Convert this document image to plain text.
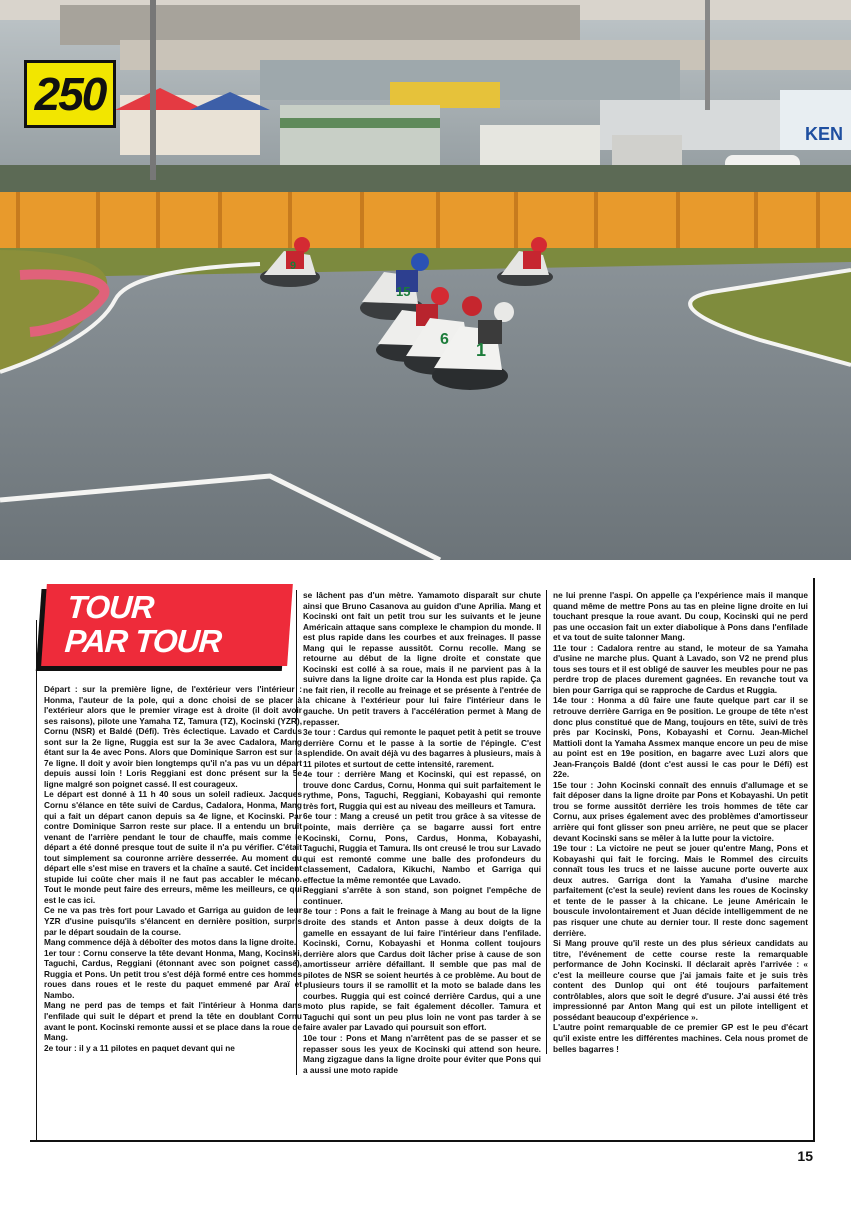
9
15
6
1
KEN
250
TOUR
PAR TOUR

Départ : sur la première ligne, de l'extérieur vers l'intérieur : Honma, l'auteur de la pole, qui a donc choisi de se placer à l'extérieur alors que le premier virage est à droite (il doit avoir ses raisons), pilote une Yamaha TZ, Tamura (TZ), Kocinski (YZR), Cornu (NSR) et Baldé (Défi). Très éclectique. Lavado et Cardus sont sur la 2e ligne, Ruggia est sur la 3e avec Cadalora, Mang étant sur la 4e avec Pons. Alors que Dominique Sarron est sur la 7e ligne. Il doit y avoir bien longtemps qu'il n'a pas vu un départ depuis aussi loin ! Loris Reggiani est donc présent sur la 5e ligne malgré son poignet cassé. Il est courageux.

Le départ est donné à 11 h 40 sous un soleil radieux. Jacques Cornu s'élance en tête suivi de Cardus, Cadalora, Honma, Mang qui a fait un départ canon depuis sa 4e ligne, et Kocinski. Par contre Dominique Sarron reste sur place. Il a entendu un bruit venant de l'arrière pendant le tour de chauffe, mais comme le départ a été donné presque tout de suite il n'a pu vérifier. C'était tout simplement sa couronne arrière desserrée. Au moment du départ elle s'est mise en travers et la chaîne a sauté. Cet incident stupide lui coûte cher mais il ne faut pas accabler le mécano. Tout le monde peut faire des erreurs, même les meilleurs, ce qui est le cas ici.

Ce ne va pas très fort pour Lavado et Garriga au guidon de leur YZR d'usine puisqu'ils s'élancent en dernière position, surpris par le départ soudain de la course.

Mang commence déjà à déboîter des motos dans la ligne droite.

1er tour : Cornu conserve la tête devant Honma, Mang, Kocinski, Taguchi, Cardus, Reggiani (étonnant avec son poignet cassé), Ruggia et Pons. Un petit trou s'est déjà formé entre ces hommes roues dans roues et le reste du paquet emmené par Araï et Nambo.

Mang ne perd pas de temps et fait l'intérieur à Honma dans l'enfilade qui suit le départ et prend la tête en doublant Cornu avant le pont. Kocinski remonte aussi et se place dans la roue de Mang.

2e tour : il y a 11 pilotes en paquet devant qui ne

se lâchent pas d'un mètre. Yamamoto disparaît sur chute ainsi que Bruno Casanova au guidon d'une Aprilia. Mang et Kocinski ont fait un petit trou sur les suivants et le jeune Américain attaque sans complexe le champion du monde. Il est plus rapide dans les courbes et aux freinages. Il passe Mang qui le repasse aussitôt. Cornu recolle. Mang se retourne au début de la ligne droite et constate que Kocinski est collé à sa roue, mais il ne parvient pas à la suivre dans la ligne droite car la Honda est plus rapide. Ça ne fait rien, il recolle au freinage et se présente à l'entrée de la chicane à l'extérieur pour lui faire l'intérieur dans le gauche. Un petit travers à l'accélération permet à Mang de repasser.

3e tour : Cardus qui remonte le paquet petit à petit se trouve derrière Cornu et le passe à la sortie de l'épingle. C'est splendide. On avait déjà vu des bagarres à plusieurs, mais à 11 pilotes et surtout de cette intensité, rarement.

4e tour : derrière Mang et Kocinski, qui est repassé, on trouve donc Cardus, Cornu, Honma qui suit parfaitement le rythme, Pons, Taguchi, Reggiani, Kobayashi qui remonte très fort, Ruggia qui est au niveau des meilleurs et Tamura.

6e tour : Mang a creusé un petit trou grâce à sa vitesse de pointe, mais derrière ça se bagarre aussi fort entre Kocinski, Cornu, Pons, Cardus, Honma, Kobayashi, Taguchi, Ruggia et Tamura. Ils ont creusé le trou sur Lavado qui est remonté comme une balle des profondeurs du classement, Cadalora, Kikuchi, Nambo et Garriga qui effectue la même remontée que Lavado.

Reggiani s'arrête à son stand, son poignet l'empêche de continuer.

8e tour : Pons a fait le freinage à Mang au bout de la ligne droite des stands et Anton passe à deux doigts de la gamelle en essayant de lui faire l'intérieur dans l'enfilade. Kocinski, Cornu, Kobayashi et Honma collent toujours derrière alors que Cardus doit lâcher prise à cause de son amortisseur arrière défaillant. Il semble que pas mal de pilotes de NSR se soient heurtés à ce problème. Au bout de plusieurs tours il se ramollit et la moto se balade dans les courbes. Ruggia qui est coincé derrière Cardus, qui a une moto plus rapide, se fait également décoller. Tamura et Taguchi qui sont un peu plus loin ne vont pas tarder à se faire avaler par Lavado qui poursuit son effort.

10e tour : Pons et Mang n'arrêtent pas de se passer et se repasser sous les yeux de Kocinski qui attend son heure. Mang zigzague dans la ligne droite pour éviter que Pons qui a aussi une moto rapide

ne lui prenne l'aspi. On appelle ça l'expérience mais il manque quand même de mettre Pons au tas en pleine ligne droite en lui touchant presque la roue avant. Du coup, Kocinski qui ne perd pas une occasion fait un exter diabolique à Pons dans l'enfilade et va tout de suite talonner Mang.

11e tour : Cadalora rentre au stand, le moteur de sa Yamaha d'usine ne marche plus. Quant à Lavado, son V2 ne prend plus tous ses tours et il est obligé de sauver les meubles pour ne pas perdre trop de places durement gagnées. En revanche tout va bien pour Garriga qui se rapproche de Cardus et Ruggia.

14e tour : Honma a dû faire une faute quelque part car il se retrouve derrière Garriga en 9e position. Le groupe de tête n'est donc plus constitué que de Mang, toujours en tête, suivi de très près par Kocinski, Pons, Kobayashi et Cornu. Jean-Michel Mattioli dont la Yamaha Assmex manque encore un peu de mise au point est en 19e position, en bagarre avec Luzi alors que Jean-François Baldé (dont c'est aussi le cas pour le Défi) est 22e.

15e tour : John Kocinski connaît des ennuis d'allumage et se fait déposer dans la ligne droite par Pons et Kobayashi. Un petit trou se forme aussitôt derrière les trois hommes de tête car Cornu, aux prises également avec des problèmes d'amortisseur arrière qui font glisser son pneu arrière, ne peut que se placer devant Kocinski sans se mêler à la lutte pour la victoire.

19e tour : La victoire ne peut se jouer qu'entre Mang, Pons et Kobayashi qui fait le forcing. Mais le Rommel des circuits connaît tous les trucs et ne laisse aucune porte ouverte aux deux autres. Garriga dont la Yamaha d'usine marche parfaitement (c'est la seule) revient dans les roues de Kocinsky et tente de le passer à la chicane. Le jeune Américain le bouscule involontairement et Juan décide intelligemment de ne pas risquer une chute au dernier tour. Il reste donc sagement derrière.

Si Mang prouve qu'il reste un des plus sérieux candidats au titre, l'événement de cette course reste la remarquable performance de John Kocinski. Il déclarait après l'arrivée : « c'est la meilleure course que j'ai jamais faite et je suis très content des Dunlop qui ont été toujours parfaitement contrôlables, alors que soit le degré d'usure. J'ai aussi été très impressionné par Anton Mang qui est un pilote intelligent et possédant beaucoup d'expérience ».

L'autre point remarquable de ce premier GP est le peu d'écart qu'il existe entre les différentes machines. Cela nous promet de belles bagarres !

15
